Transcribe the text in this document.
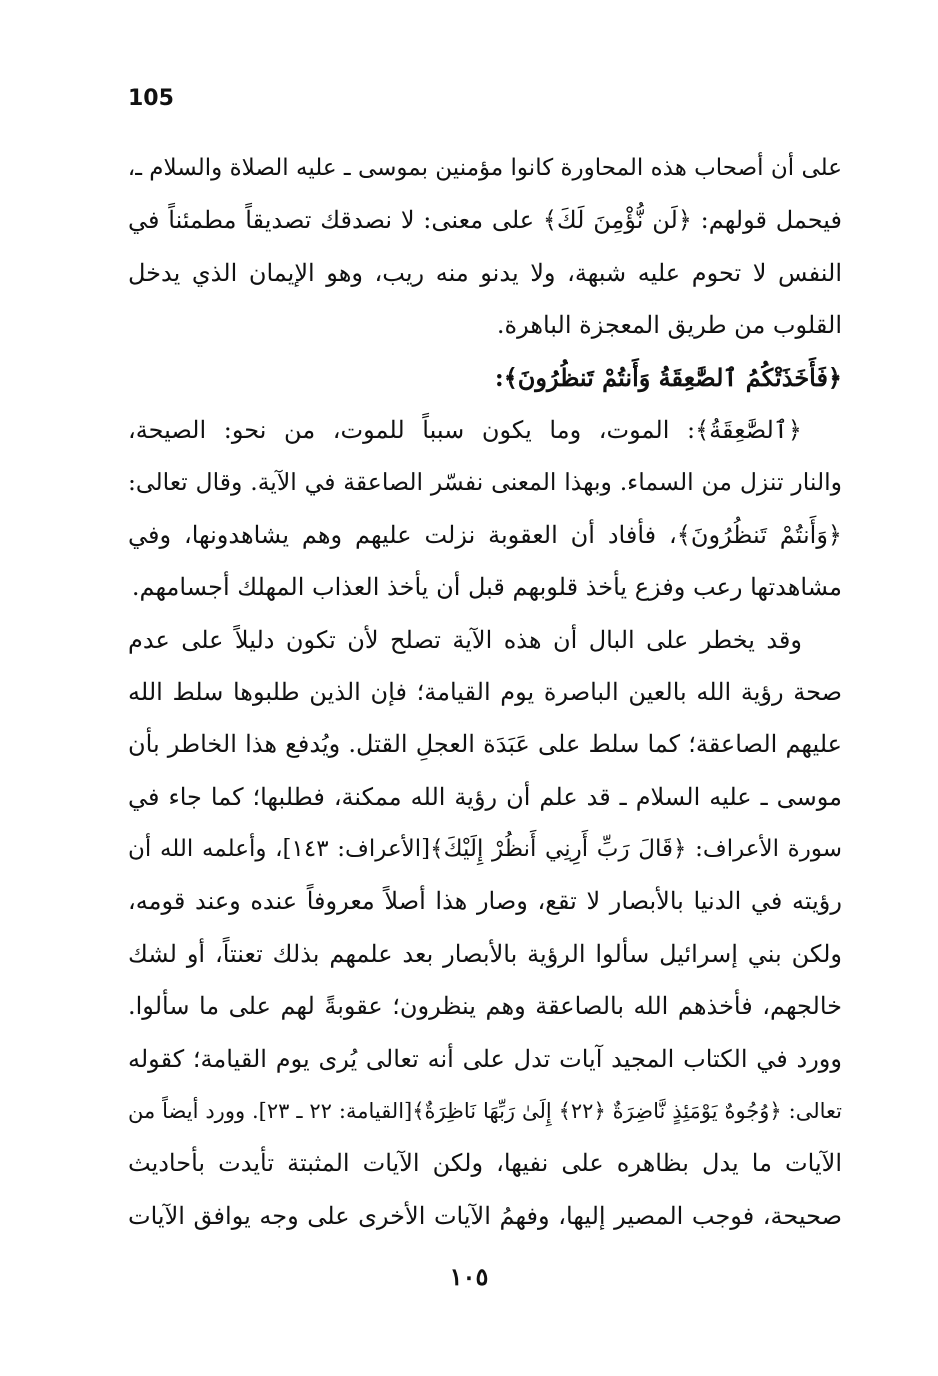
105
على أن أصحاب هذه المحاورة كانوا مؤمنين بموسى ـ عليه الصلاة والسلام ـ،
فيحمل قولهم: ﴿لَن نُّؤْمِنَ لَكَ﴾ على معنى: لا نصدقك تصديقاً مطمئناً في
النفس لا تحوم عليه شبهة، ولا يدنو منه ريب، وهو الإيمان الذي يدخل
القلوب من طريق المعجزة الباهرة.
﴿فَأَخَذَتْكُمُ ٱلصَّٰعِقَةُ وَأَنتُمْ تَنظُرُونَ﴾:
﴿ٱلصَّٰعِقَةُ﴾: الموت، وما يكون سبباً للموت، من نحو: الصيحة،
والنار تنزل من السماء. وبهذا المعنى نفسّر الصاعقة في الآية. وقال تعالى:
﴿وَأَنتُمْ تَنظُرُونَ﴾، فأفاد أن العقوبة نزلت عليهم وهم يشاهدونها، وفي
مشاهدتها رعب وفزع يأخذ قلوبهم قبل أن يأخذ العذاب المهلك أجسامهم.
وقد يخطر على البال أن هذه الآية تصلح لأن تكون دليلاً على عدم
صحة رؤية الله بالعين الباصرة يوم القيامة؛ فإن الذين طلبوها سلط الله
عليهم الصاعقة؛ كما سلط على عَبَدَة العجلِ القتل. ويُدفع هذا الخاطر بأن
موسى ـ عليه السلام ـ قد علم أن رؤية الله ممكنة، فطلبها؛ كما جاء في
سورة الأعراف: ﴿قَالَ رَبِّ أَرِنِي أَنظُرْ إِلَيْكَ﴾[الأعراف: ١٤٣]، وأعلمه الله أن
رؤيته في الدنيا بالأبصار لا تقع، وصار هذا أصلاً معروفاً عنده وعند قومه،
ولكن بني إسرائيل سألوا الرؤية بالأبصار بعد علمهم بذلك تعنتاً، أو لشك
خالجهم، فأخذهم الله بالصاعقة وهم ينظرون؛ عقوبةً لهم على ما سألوا.
وورد في الكتاب المجيد آيات تدل على أنه تعالى يُرى يوم القيامة؛ كقوله
تعالى: ﴿وُجُوهٌ يَوْمَئِذٍ نَّاضِرَةٌ ﴿٢٢﴾ إِلَىٰ رَبِّهَا نَاظِرَةٌ﴾[القيامة: ٢٢ ـ ٢٣]. وورد أيضاً من
الآيات ما يدل بظاهره على نفيها، ولكن الآيات المثبتة تأيدت بأحاديث
صحيحة، فوجب المصير إليها، وفهمُ الآيات الأخرى على وجه يوافق الآيات
١٠٥
